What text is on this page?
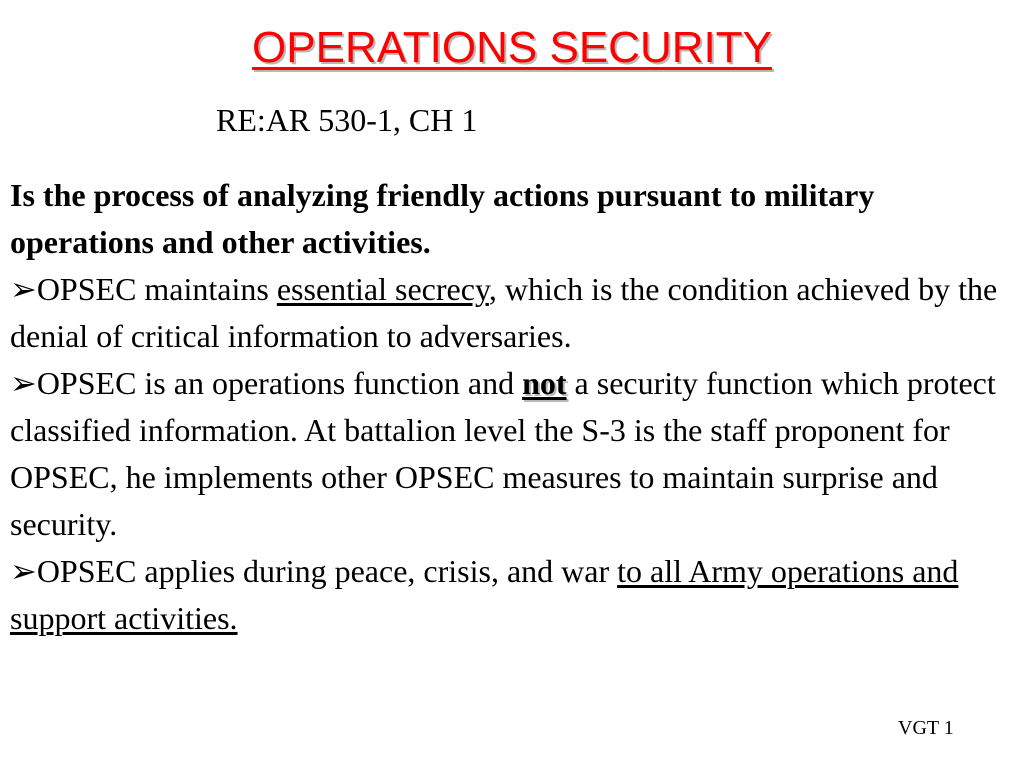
OPERATIONS SECURITY
RE:AR 530-1, CH 1

Is the process of analyzing friendly actions pursuant to military operations and other activities.

➢OPSEC maintains essential secrecy, which is the condition achieved by the denial of critical information to adversaries.

➢OPSEC is an operations function and not a security function which protect classified information. At battalion level the S-3 is the staff proponent for OPSEC, he implements other OPSEC measures to maintain surprise and security.

➢OPSEC applies during peace, crisis, and war to all Army operations and support activities.

VGT 1
